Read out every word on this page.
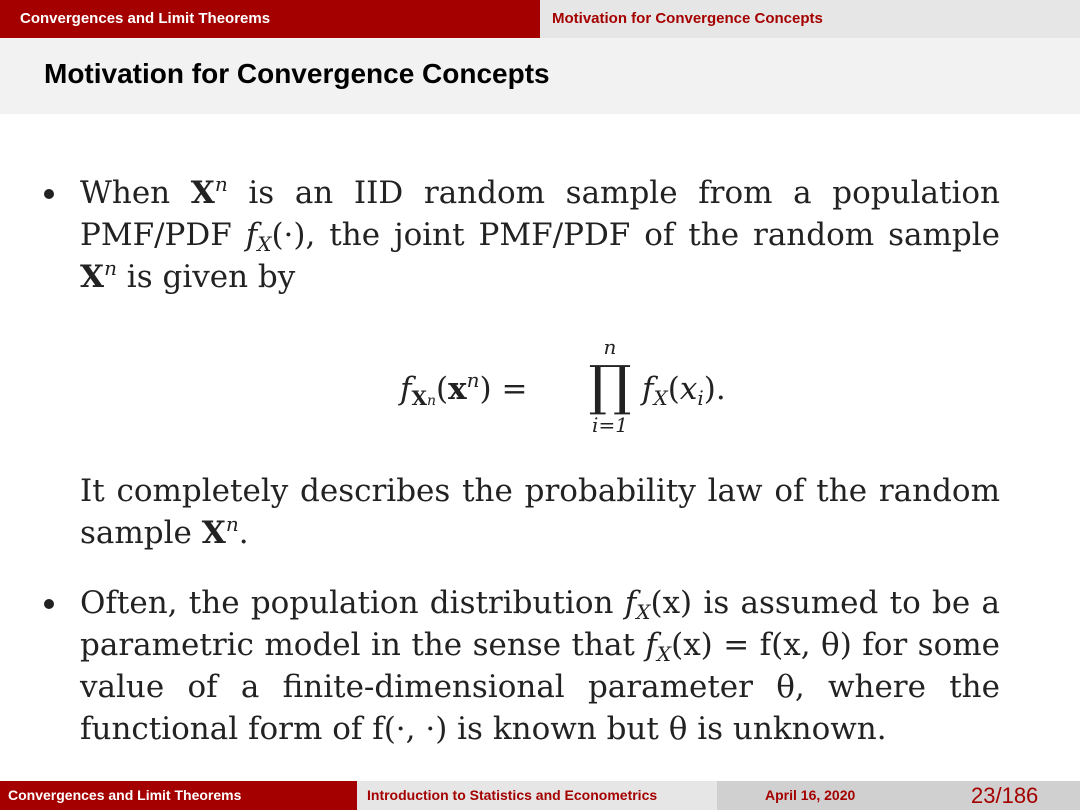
Convergences and Limit Theorems	Motivation for Convergence Concepts
Motivation for Convergence Concepts
When $X^n$ is an IID random sample from a population PMF/PDF $f_X(\cdot)$, the joint PMF/PDF of the random sample $X^n$ is given by
$f_{Xn}(x^n)$ =
n
∏
i=1
$f_X(x_i)$.
It completely describes the probability law of the random sample $X^n$.
Often, the population distribution $f_X(x)$ is assumed to be a parametric model in the sense that $f_X(x) = f(x$, θ) for some value of a finite-dimensional parameter θ, where the functional form of f(·, ·) is known but θ is unknown.
Convergences and Limit Theorems	Introduction to Statistics and Econometrics	April 16, 2020	23/186
